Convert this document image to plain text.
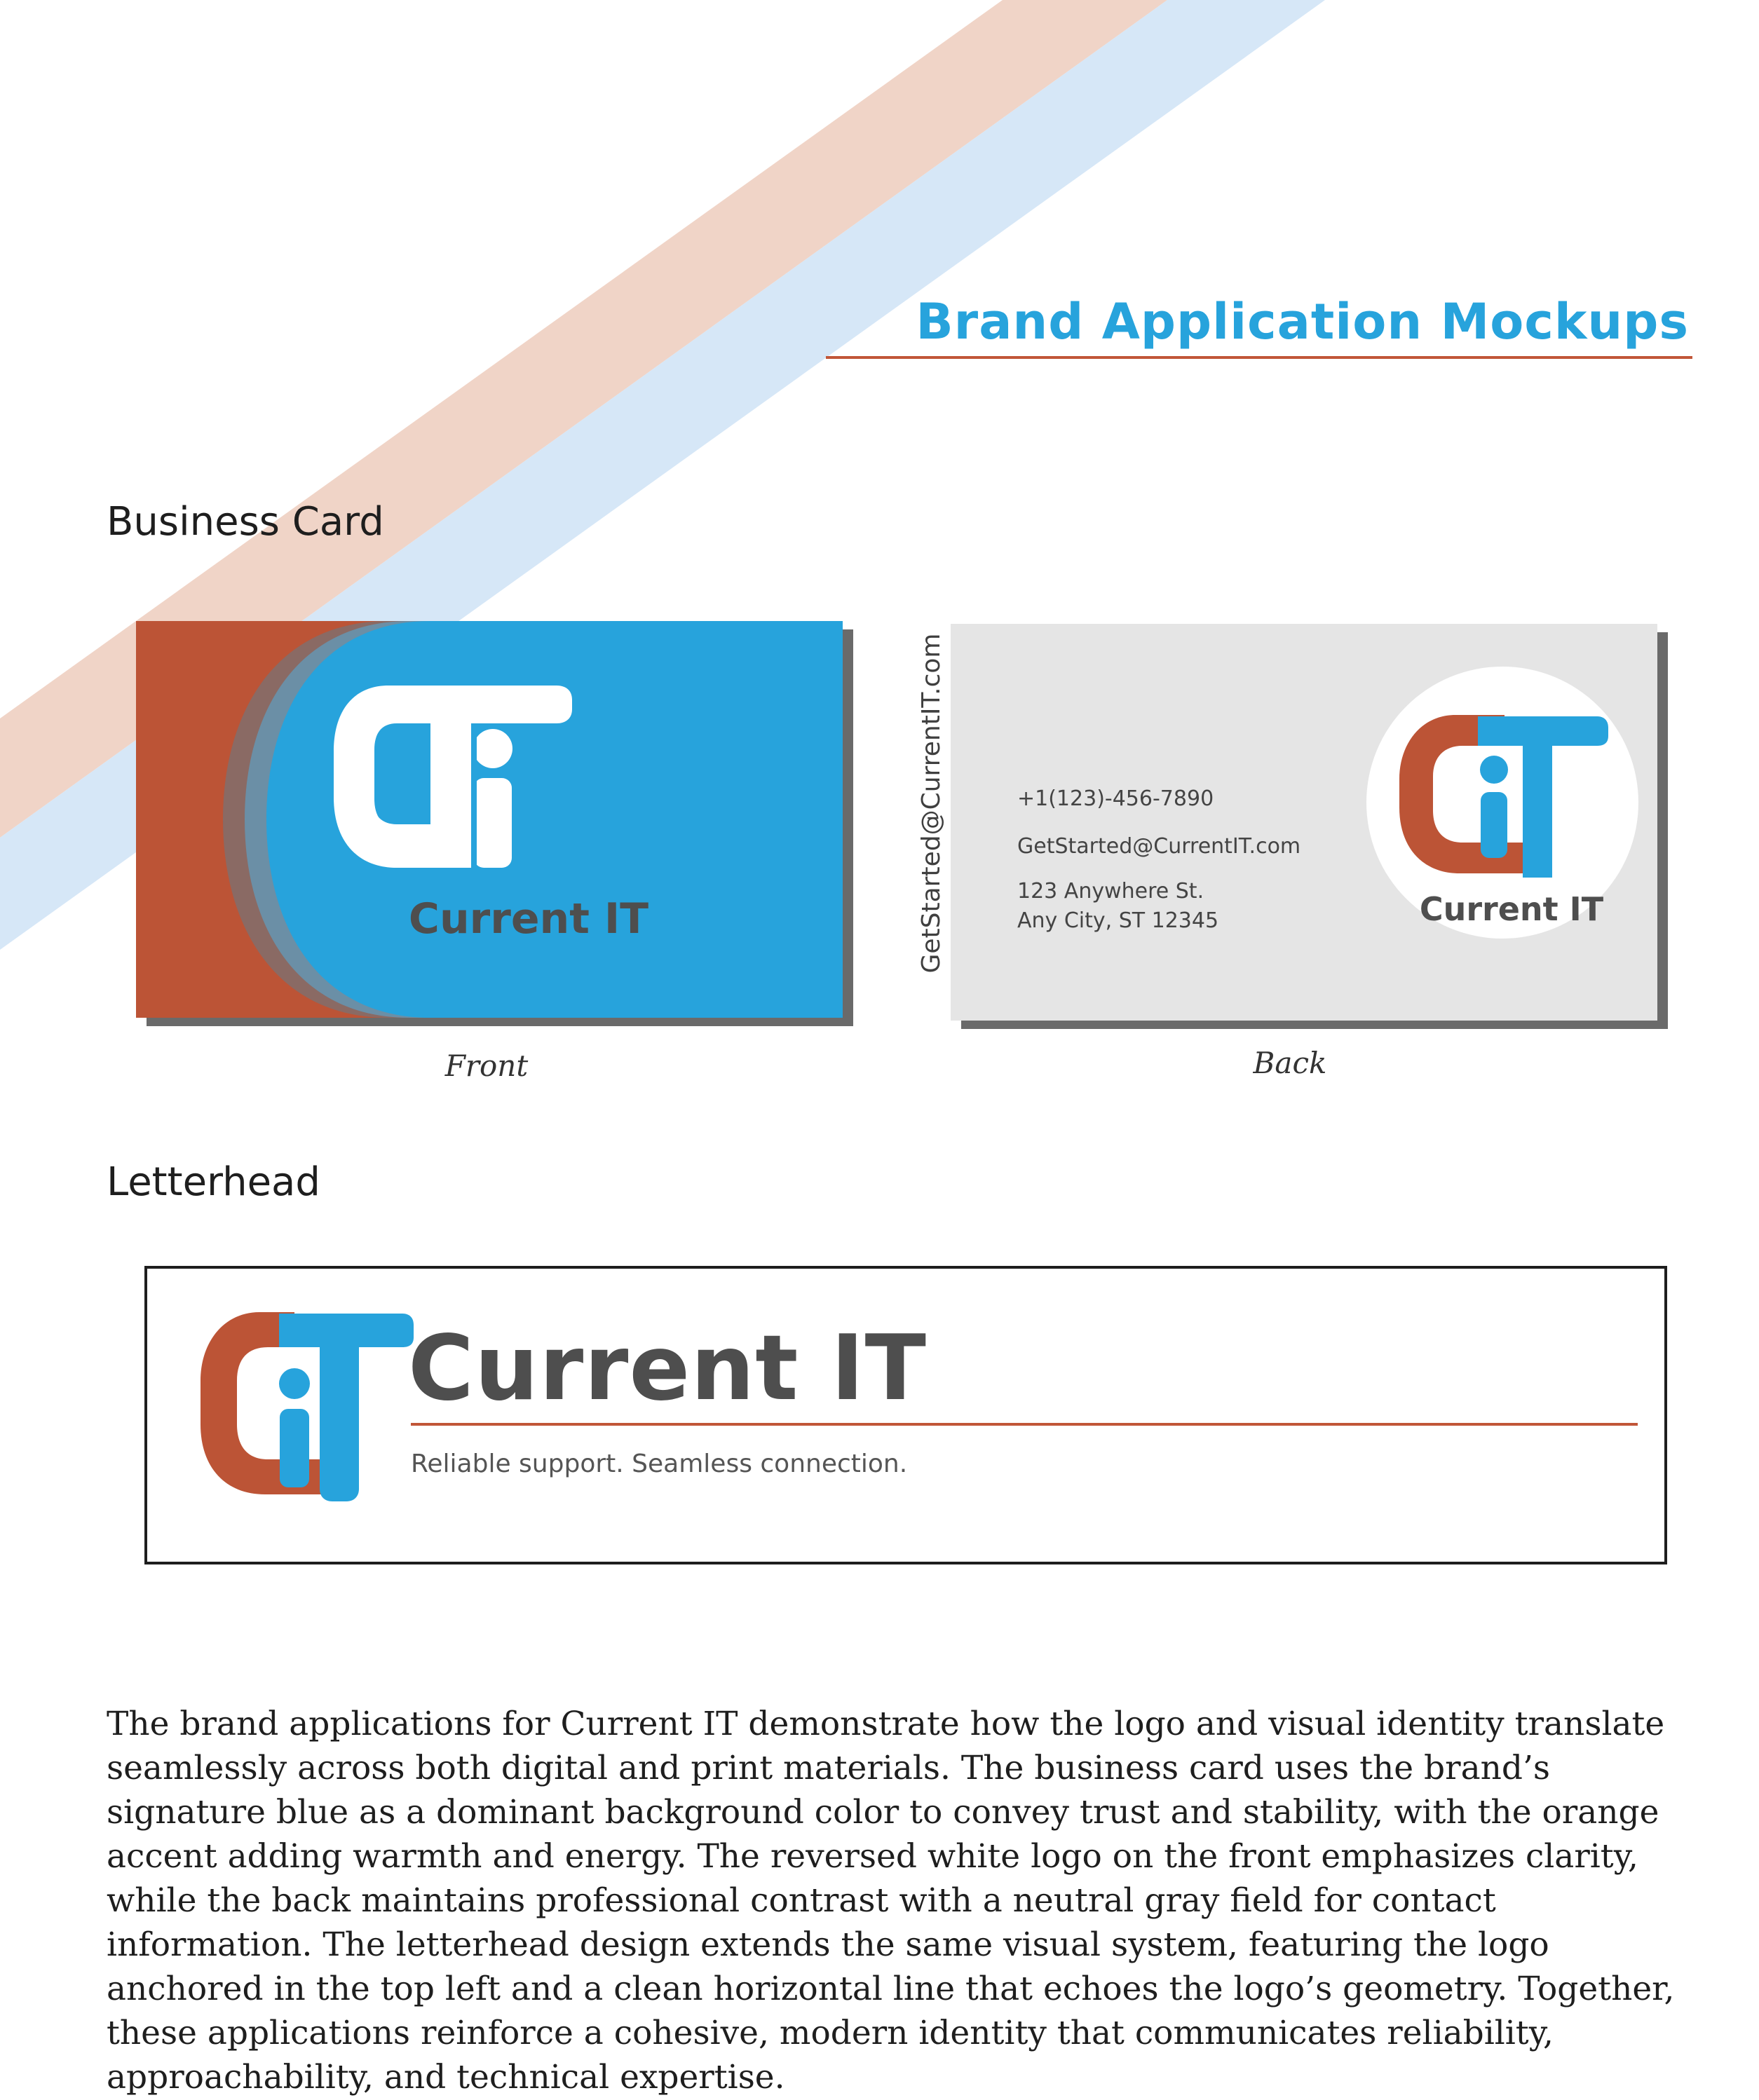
Brand Application Mockups
Business Card
Current IT	GetStarted@CurrentIT.com
Front
+1(123)-456-7890
GetStarted@CurrentIT.com
123 Anywhere St.
Any City, ST 12345	Current IT
Back
Letterhead
Current IT
Reliable support. Seamless connection.

The brand applications for Current IT demonstrate how the logo and visual identity translate seamlessly across both digital and print materials. The business card uses the brand’s signature blue as a dominant background color to convey trust and stability, with the orange accent adding warmth and energy. The reversed white logo on the front emphasizes clarity, while the back maintains professional contrast with a neutral gray field for contact information. The letterhead design extends the same visual system, featuring the logo anchored in the top left and a clean horizontal line that echoes the logo’s geometry. Together, these applications reinforce a cohesive, modern identity that communicates reliability, approachability, and technical expertise.
